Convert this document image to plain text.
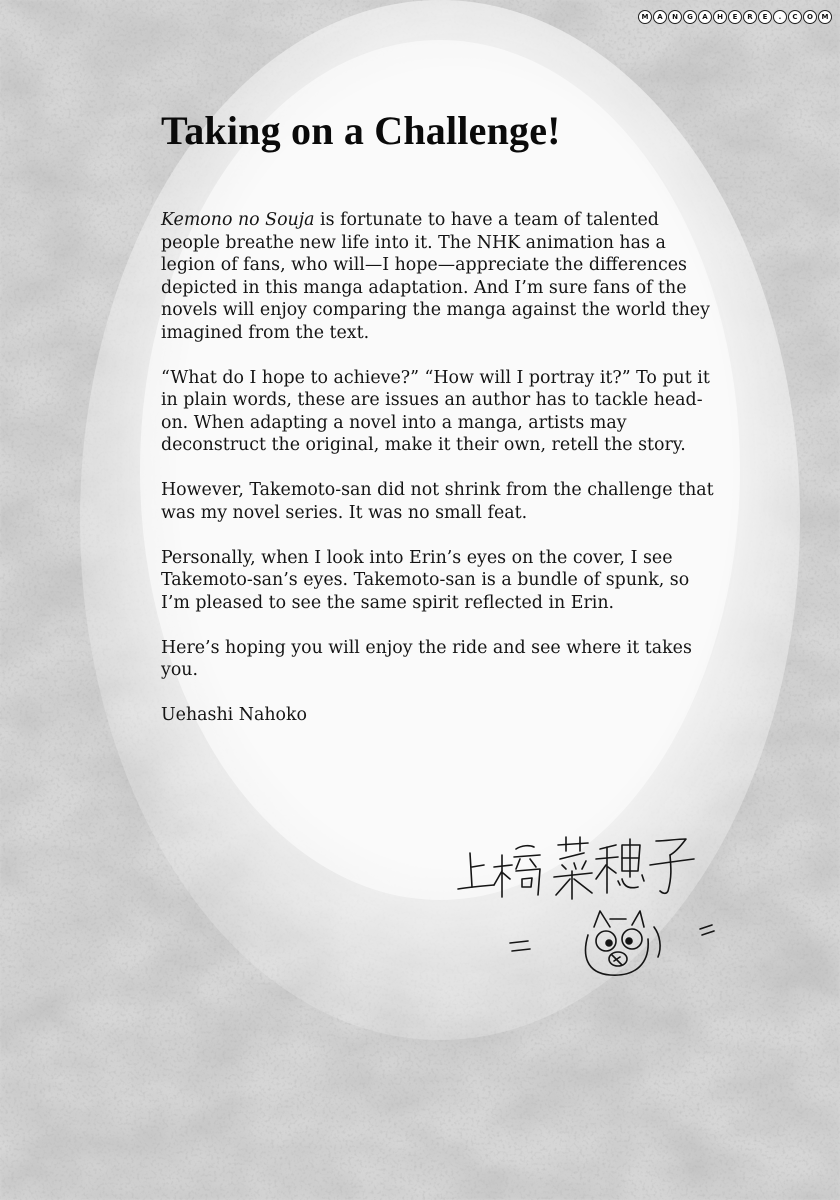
M	A	N	G	A	H	E	R	E	.	C	O	M
Taking on a Challenge!

Kemono no Souja is fortunate to have a team of talented people breathe new life into it. The NHK animation has a legion of fans, who will—I hope—appreciate the differences depicted in this manga adaptation. And I’m sure fans of the novels will enjoy comparing the manga against the world they imagined from the text.

“What do I hope to achieve?” “How will I portray it?” To put it in plain words, these are issues an author has to tackle head-on. When adapting a novel into a manga, artists may deconstruct the original, make it their own, retell the story.

However, Takemoto-san did not shrink from the challenge that was my novel series. It was no small feat.

Personally, when I look into Erin’s eyes on the cover, I see Takemoto-san’s eyes. Takemoto-san is a bundle of spunk, so I’m pleased to see the same spirit reflected in Erin.

Here’s hoping you will enjoy the ride and see where it takes you.

Uehashi Nahoko
